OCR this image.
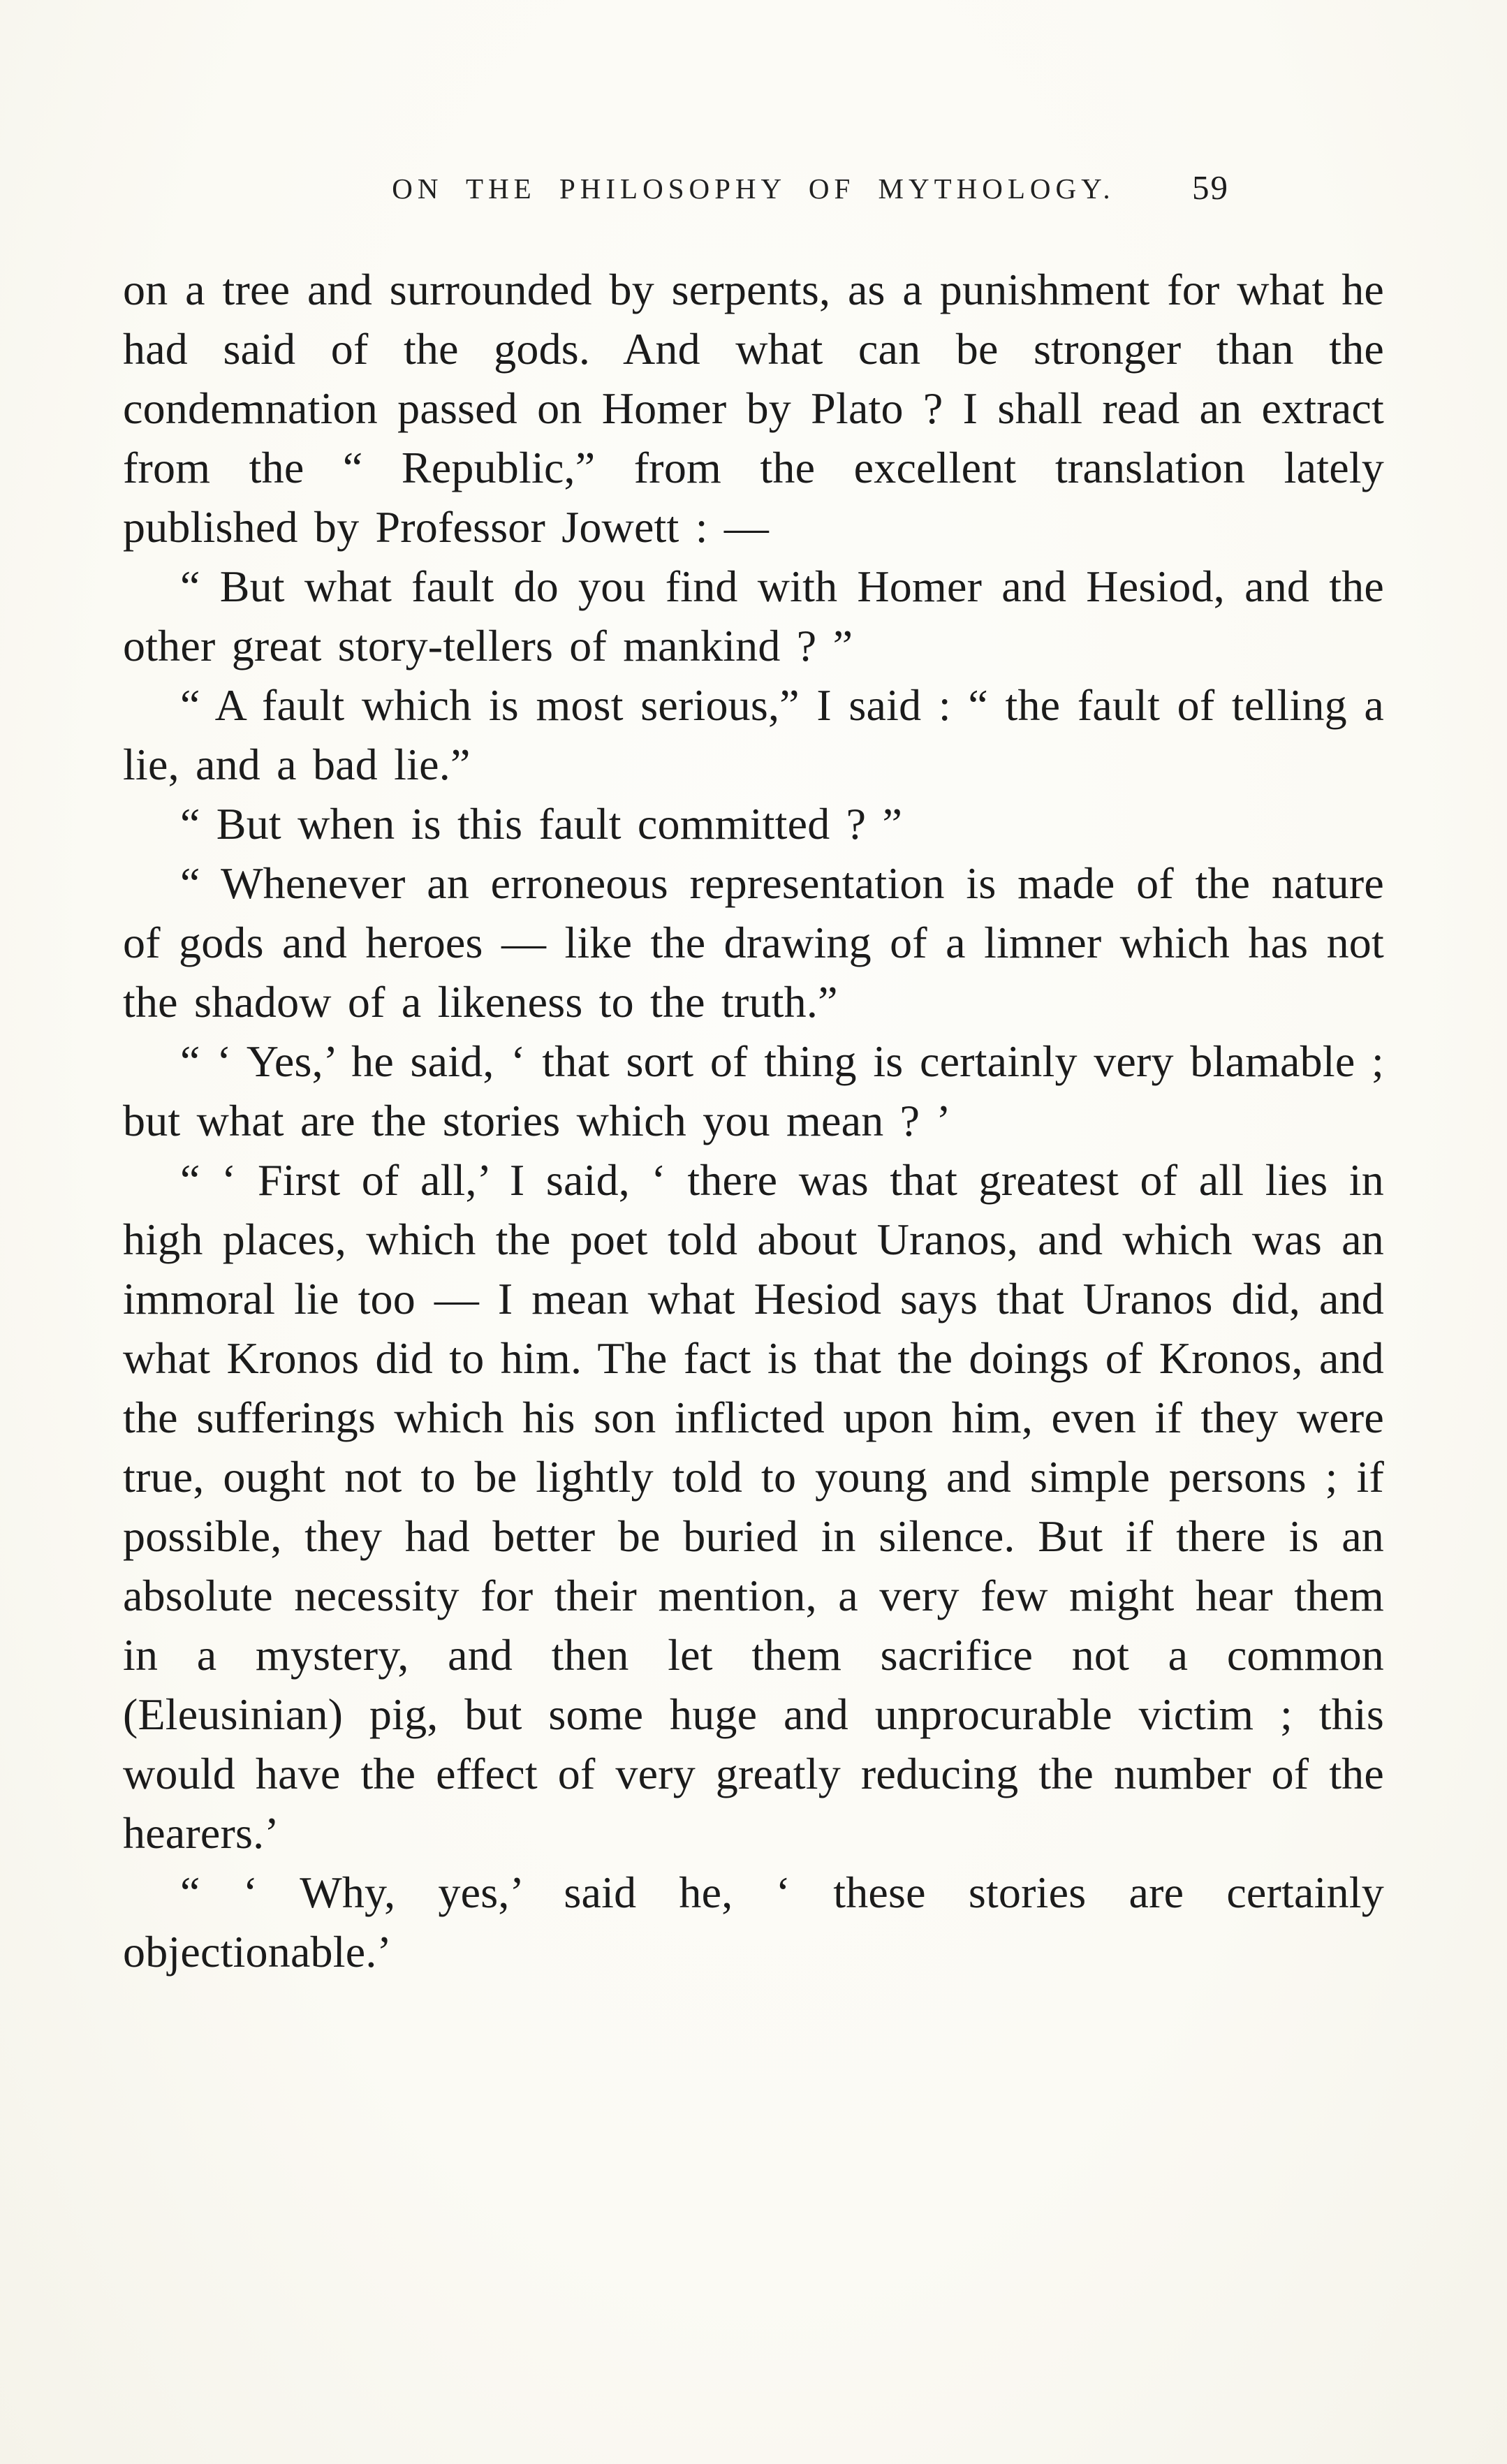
ON THE PHILOSOPHY OF MYTHOLOGY. 59

on a tree and surrounded by serpents, as a punishment for what he had said of the gods. And what can be stronger than the condemnation passed on Homer by Plato ? I shall read an extract from the “ Republic,” from the excellent translation lately published by Professor Jowett : —

“ But what fault do you find with Homer and Hesiod, and the other great story-tellers of mankind ? ”

“ A fault which is most serious,” I said : “ the fault of telling a lie, and a bad lie.”

“ But when is this fault committed ? ”

“ Whenever an erroneous representation is made of the nature of gods and heroes — like the drawing of a limner which has not the shadow of a likeness to the truth.”

“ ‘ Yes,’ he said, ‘ that sort of thing is certainly very blamable ; but what are the stories which you mean ? ’

“ ‘ First of all,’ I said, ‘ there was that greatest of all lies in high places, which the poet told about Uranos, and which was an immoral lie too — I mean what Hesiod says that Uranos did, and what Kronos did to him. The fact is that the doings of Kronos, and the sufferings which his son inflicted upon him, even if they were true, ought not to be lightly told to young and simple persons ; if possible, they had better be buried in silence. But if there is an absolute necessity for their mention, a very few might hear them in a mystery, and then let them sacrifice not a common (Eleusinian) pig, but some huge and unprocurable victim ; this would have the effect of very greatly reducing the number of the hearers.’

“ ‘ Why, yes,’ said he, ‘ these stories are certainly objectionable.’
